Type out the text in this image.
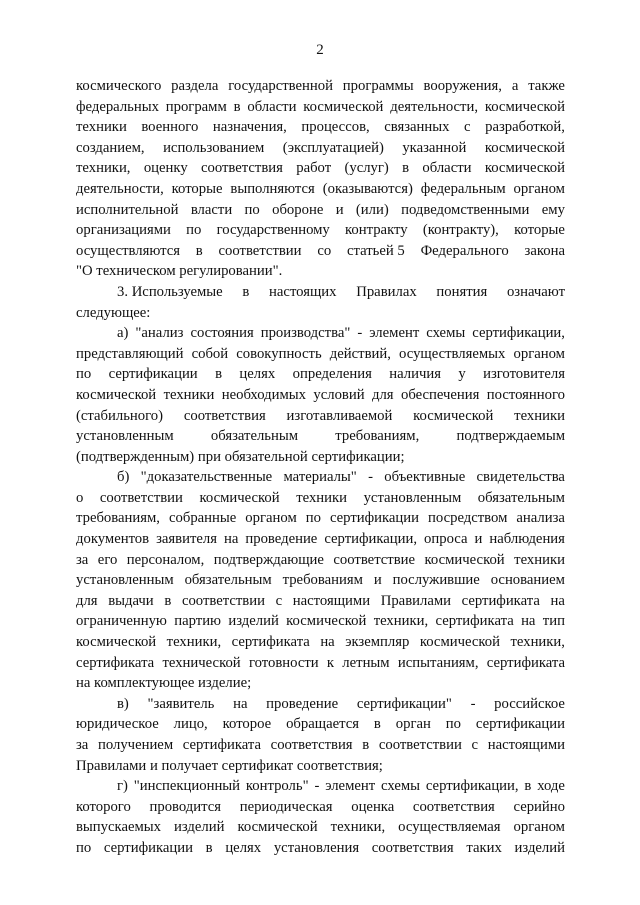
2
космического раздела государственной программы вооружения, а также
федеральных программ в области космической деятельности, космической
техники военного назначения, процессов, связанных с разработкой,
созданием, использованием (эксплуатацией) указанной космической
техники, оценку соответствия работ (услуг) в области космической
деятельности, которые выполняются (оказываются) федеральным органом
исполнительной власти по обороне и (или) подведомственными ему
организациями по государственному контракту (контракту), которые
осуществляются в соответствии со статьей 5 Федерального закона
"О техническом регулировании".
3. Используемые в настоящих Правилах понятия означают
следующее:
а) "анализ состояния производства" - элемент схемы сертификации,
представляющий собой совокупность действий, осуществляемых органом
по сертификации в целях определения наличия у изготовителя
космической техники необходимых условий для обеспечения постоянного
(стабильного) соответствия изготавливаемой космической техники
установленным	обязательным	требованиям,	подтверждаемым
(подтвержденным) при обязательной сертификации;
б) "доказательственные материалы" - объективные свидетельства
о соответствии космической техники установленным обязательным
требованиям, собранные органом по сертификации посредством анализа
документов заявителя на проведение сертификации, опроса и наблюдения
за его персоналом, подтверждающие соответствие космической техники
установленным обязательным требованиям и послужившие основанием
для выдачи в соответствии с настоящими Правилами сертификата на
ограниченную партию изделий космической техники, сертификата на тип
космической техники, сертификата на экземпляр космической техники,
сертификата технической готовности к летным испытаниям, сертификата
на комплектующее изделие;
в) "заявитель на проведение сертификации" - российское
юридическое лицо, которое обращается в орган по сертификации
за получением сертификата соответствия в соответствии с настоящими
Правилами и получает сертификат соответствия;
г) "инспекционный контроль" - элемент схемы сертификации, в ходе
которого проводится периодическая оценка соответствия серийно
выпускаемых изделий космической техники, осуществляемая органом
по сертификации в целях установления соответствия таких изделий
